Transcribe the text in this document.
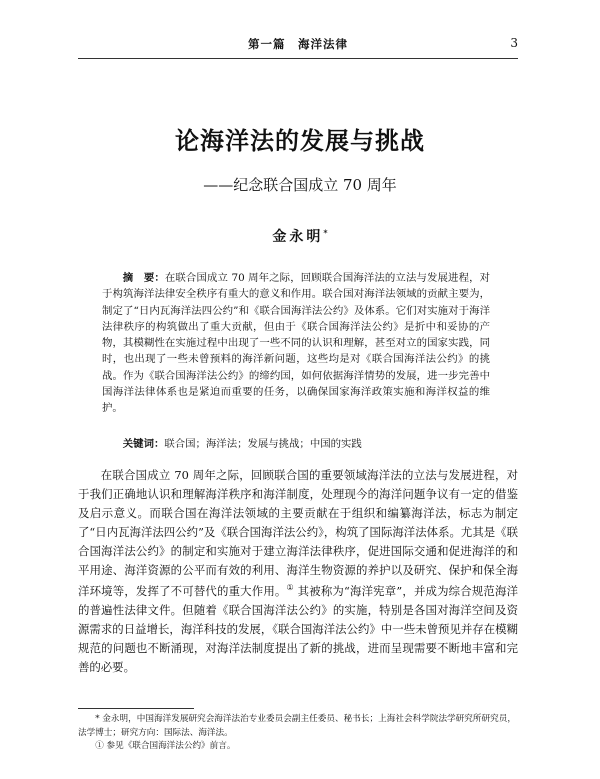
第一篇　海洋法律	3
论海洋法的发展与挑战
——纪念联合国成立 70 周年
金永明*
摘　要：在联合国成立 70 周年之际，回顾联合国海洋法的立法与发展进程，对于构筑海洋法律安全秩序有重大的意义和作用。联合国对海洋法领域的贡献主要为，制定了“日内瓦海洋法四公约”和《联合国海洋法公约》及体系。它们对实施对于海洋法律秩序的构筑做出了重大贡献，但由于《联合国海洋法公约》是折中和妥协的产物，其模糊性在实施过程中出现了一些不同的认识和理解，甚至对立的国家实践，同时，也出现了一些未曾预料的海洋新问题，这些均是对《联合国海洋法公约》的挑战。作为《联合国海洋法公约》的缔约国，如何依据海洋情势的发展，进一步完善中国海洋法律体系也是紧迫而重要的任务，以确保国家海洋政策实施和海洋权益的维护。
关键词：联合国；海洋法；发展与挑战；中国的实践
在联合国成立 70 周年之际，回顾联合国的重要领域海洋法的立法与发展进程，对于我们正确地认识和理解海洋秩序和海洋制度，处理现今的海洋问题争议有一定的借鉴及启示意义。而联合国在海洋法领域的主要贡献在于组织和编纂海洋法，标志为制定了“日内瓦海洋法四公约”及《联合国海洋法公约》，构筑了国际海洋法体系。尤其是《联合国海洋法公约》的制定和实施对于建立海洋法律秩序，促进国际交通和促进海洋的和平用途、海洋资源的公平而有效的利用、海洋生物资源的养护以及研究、保护和保全海洋环境等，发挥了不可替代的重大作用。① 其被称为“海洋宪章”，并成为综合规范海洋的普遍性法律文件。但随着《联合国海洋法公约》的实施，特别是各国对海洋空间及资源需求的日益增长，海洋科技的发展，《联合国海洋法公约》中一些未曾预见并存在模糊规范的问题也不断涌现，对海洋法制度提出了新的挑战，进而呈现需要不断地丰富和完善的必要。

* 金永明，中国海洋发展研究会海洋法治专业委员会副主任委员、秘书长；上海社会科学院法学研究所研究员，法学博士；研究方向：国际法、海洋法。

① 参见《联合国海洋法公约》前言。
